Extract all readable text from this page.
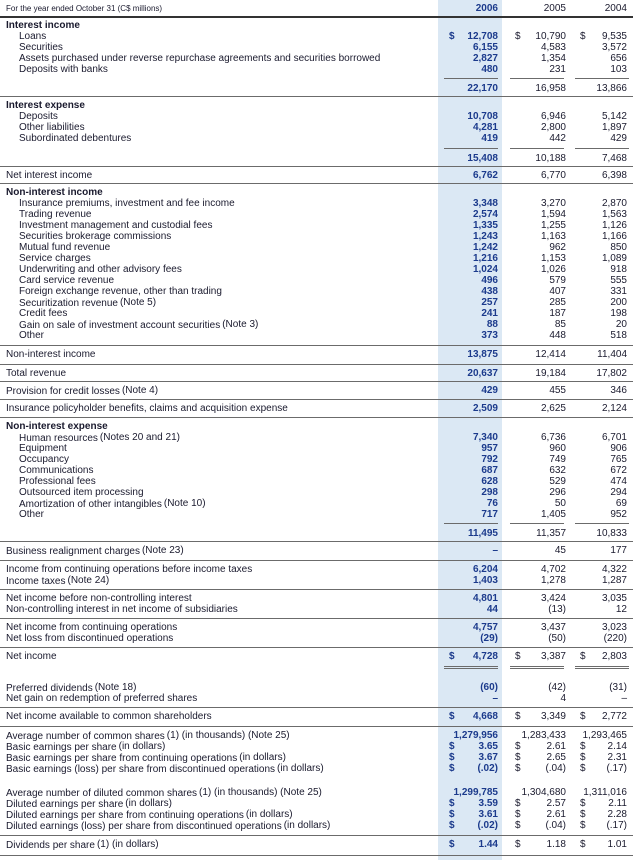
For the year ended October 31 (C$ millions)	2006	2005	2004
Interest income
Loans	12,708	10,790	9,535
$	$	$
Securities	6,155	4,583	3,572
Assets purchased under reverse repurchase agreements and securities borrowed	2,827	1,354	656
Deposits with banks	480	231	103
22,170	16,958	13,866
Interest expense
Deposits	10,708	6,946	5,142
Other liabilities	4,281	2,800	1,897
Subordinated debentures	419	442	429
15,408	10,188	7,468
Net interest income	6,762	6,770	6,398
Non-interest income
Insurance premiums, investment and fee income	3,348	3,270	2,870
Trading revenue	2,574	1,594	1,563
Investment management and custodial fees	1,335	1,255	1,126
Securities brokerage commissions	1,243	1,163	1,166
Mutual fund revenue	1,242	962	850
Service charges	1,216	1,153	1,089
Underwriting and other advisory fees	1,024	1,026	918
Card service revenue	496	579	555
Foreign exchange revenue, other than trading	438	407	331
Securitization revenue (Note 5)	257	285	200
Credit fees	241	187	198
Gain on sale of investment account securities (Note 3)	88	85	20
Other	373	448	518
Non-interest income	13,875	12,414	11,404
Total revenue	20,637	19,184	17,802
Provision for credit losses (Note 4)	429	455	346
Insurance policyholder benefits, claims and acquisition expense	2,509	2,625	2,124
Non-interest expense
Human resources (Notes 20 and 21)	7,340	6,736	6,701
Equipment	957	960	906
Occupancy	792	749	765
Communications	687	632	672
Professional fees	628	529	474
Outsourced item processing	298	296	294
Amortization of other intangibles (Note 10)	76	50	69
Other	717	1,405	952
11,495	11,357	10,833
Business realignment charges (Note 23)	–	45	177
Income from continuing operations before income taxes	6,204	4,702	4,322
Income taxes (Note 24)	1,403	1,278	1,287
Net income before non-controlling interest	4,801	3,424	3,035
Non-controlling interest in net income of subsidiaries	44	(13)	12
Net income from continuing operations	4,757	3,437	3,023
Net loss from discontinued operations	(29)	(50)	(220)
Net income	4,728	3,387	2,803
$	$	$
Preferred dividends (Note 18)	(60)	(42)	(31)
Net gain on redemption of preferred shares	–	4	–
Net income available to common shareholders	4,668	3,349	2,772
$	$	$
Average number of common shares (1) (in thousands) (Note 25)	1,279,956 1,283,433 1,293,465
Basic earnings per share (in dollars)	3.65	2.61	2.14
$	$	$
Basic earnings per share from continuing operations (in dollars)	3.67	2.65	2.31
$	$	$
Basic earnings (loss) per share from discontinued operations (in dollars)	(.02)	(.04)	(.17)
$	$	$
Average number of diluted common shares (1) (in thousands) (Note 25)	1,299,785 1,304,680 1,311,016
Diluted earnings per share (in dollars)	3.59	2.57	2.11
$	$	$
Diluted earnings per share from continuing operations (in dollars)	3.61	2.61	2.28
$	$	$
Diluted earnings (loss) per share from discontinued operations (in dollars)	(.02)	(.04)	(.17)
$	$	$
Dividends per share (1) (in dollars)	1.44	1.18	1.01
$	$	$
